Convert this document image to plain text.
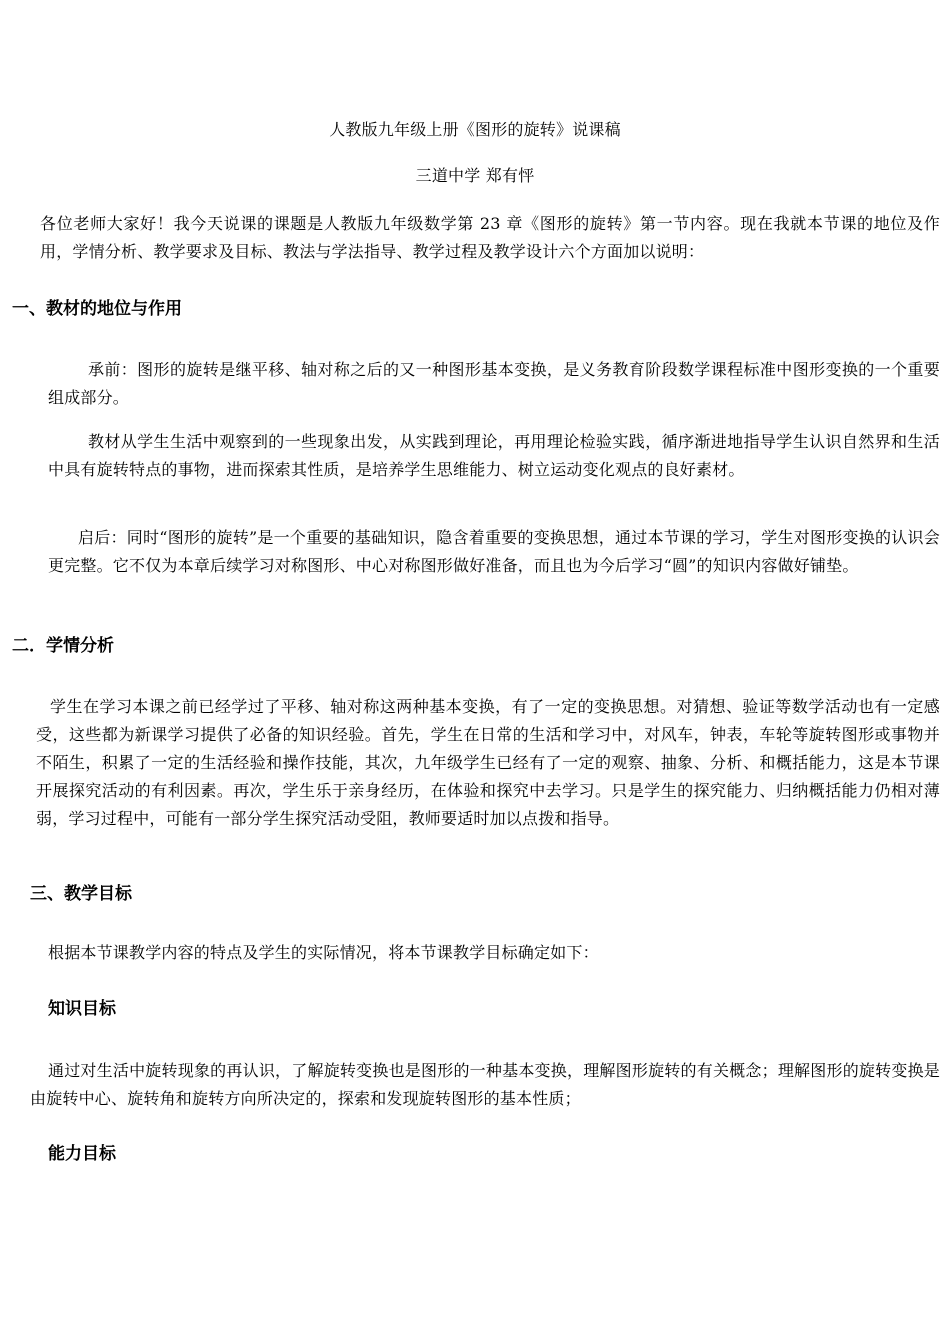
人教版九年级上册《图形的旋转》说课稿

三道中学 郑有怦

各位老师大家好！我今天说课的课题是人教版九年级数学第 23 章《图形的旋转》第一节内容。现在我就本节课的地位及作用，学情分析、教学要求及目标、教法与学法指导、教学过程及教学设计六个方面加以说明：

一、教材的地位与作用

承前：图形的旋转是继平移、轴对称之后的又一种图形基本变换，是义务教育阶段数学课程标准中图形变换的一个重要组成部分。

教材从学生生活中观察到的一些现象出发，从实践到理论，再用理论检验实践，循序渐进地指导学生认识自然界和生活中具有旋转特点的事物，进而探索其性质，是培养学生思维能力、树立运动变化观点的良好素材。

启后：同时“图形的旋转”是一个重要的基础知识，隐含着重要的变换思想，通过本节课的学习，学生对图形变换的认识会更完整。它不仅为本章后续学习对称图形、中心对称图形做好准备，而且也为今后学习“圆”的知识内容做好铺垫。

二．学情分析

学生在学习本课之前已经学过了平移、轴对称这两种基本变换，有了一定的变换思想。对猜想、验证等数学活动也有一定感受，这些都为新课学习提供了必备的知识经验。首先，学生在日常的生活和学习中，对风车，钟表，车轮等旋转图形或事物并不陌生，积累了一定的生活经验和操作技能，其次，九年级学生已经有了一定的观察、抽象、分析、和概括能力，这是本节课开展探究活动的有利因素。再次，学生乐于亲身经历，在体验和探究中去学习。只是学生的探究能力、归纳概括能力仍相对薄弱，学习过程中，可能有一部分学生探究活动受阻，教师要适时加以点拨和指导。

三、教学目标

根据本节课教学内容的特点及学生的实际情况，将本节课教学目标确定如下：

知识目标

通过对生活中旋转现象的再认识，了解旋转变换也是图形的一种基本变换，理解图形旋转的有关概念；理解图形的旋转变换是由旋转中心、旋转角和旋转方向所决定的，探索和发现旋转图形的基本性质；

能力目标
